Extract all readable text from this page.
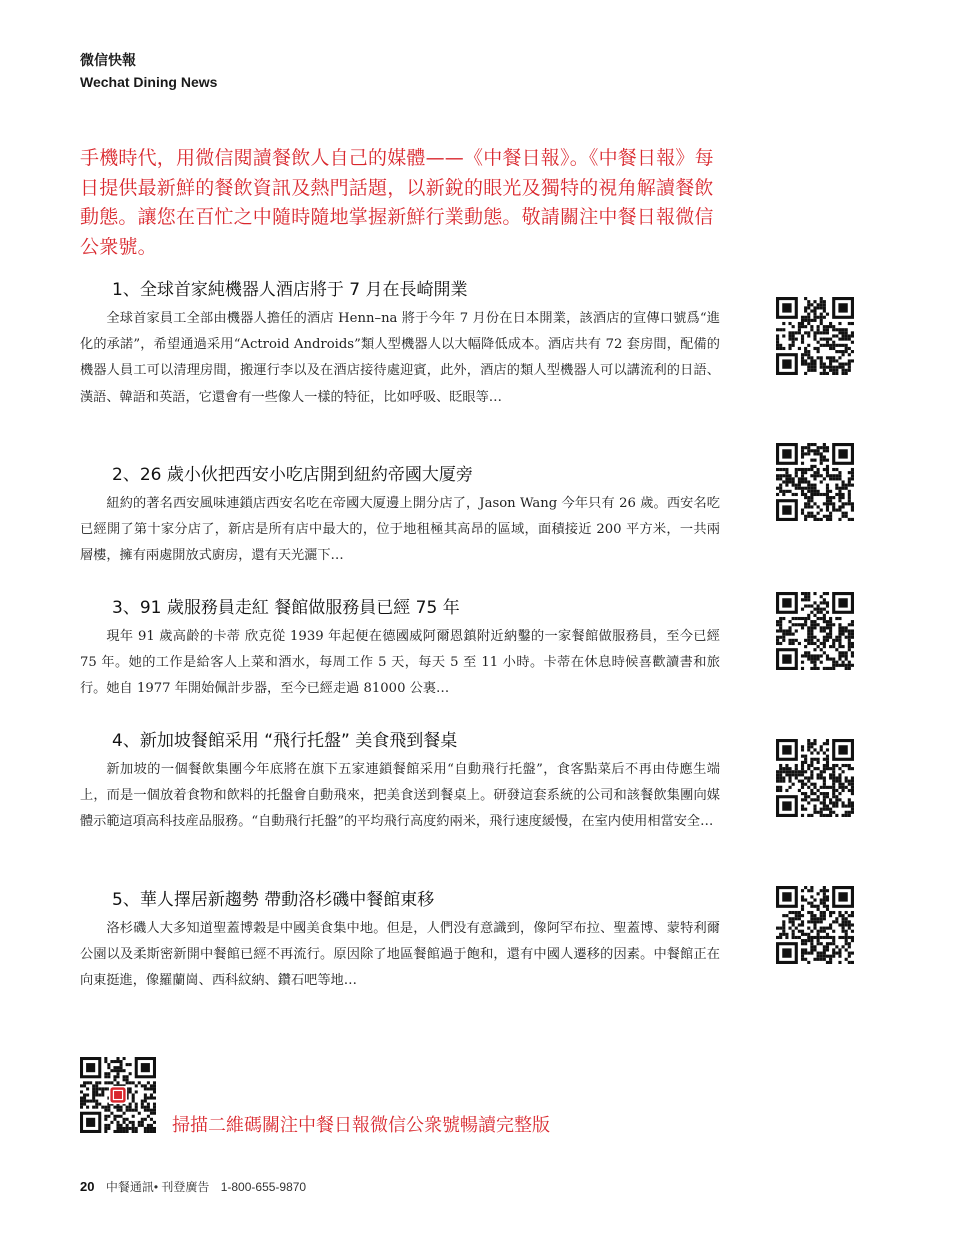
微信快報
Wechat Dining News
手機時代，用微信閱讀餐飲人自己的媒體——《中餐日報》。《中餐日報》每日提供最新鮮的餐飲資訊及熱門話題，以新銳的眼光及獨特的視角解讀餐飲動態。讓您在百忙之中隨時隨地掌握新鮮行業動態。敬請關注中餐日報微信公衆號。
1、全球首家純機器人酒店將于 7 月在長崎開業

全球首家員工全部由機器人擔任的酒店 Henn–na 將于今年 7 月份在日本開業，該酒店的宣傳口號爲“進化的承諾”，希望通過采用“Actroid Androids”類人型機器人以大幅降低成本。酒店共有 72 套房間，配備的機器人員工可以清理房間，搬運行李以及在酒店接待處迎賓，此外，酒店的類人型機器人可以講流利的日語、漢語、韓語和英語，它還會有一些像人一樣的特征，比如呼吸、眨眼等…

2、26 歲小伙把西安小吃店開到紐約帝國大厦旁

紐約的著名西安風味連鎖店西安名吃在帝國大厦邊上開分店了，Jason Wang 今年只有 26 歲。西安名吃已經開了第十家分店了，新店是所有店中最大的，位于地租極其高昂的區域，面積接近 200 平方米，一共兩層樓，擁有兩處開放式廚房，還有天光灑下…

3、91 歲服務員走紅 餐館做服務員已經 75 年

現年 91 歲高齡的卡蒂 欣克從 1939 年起便在德國威阿爾恩鎮附近納鑿的一家餐館做服務員，至今已經 75 年。她的工作是給客人上菜和酒水，每周工作 5 天，每天 5 至 11 小時。卡蒂在休息時候喜歡讀書和旅行。她自 1977 年開始佩計步器，至今已經走過 81000 公裏…

4、新加坡餐館采用 “飛行托盤” 美食飛到餐桌

新加坡的一個餐飲集團今年底將在旗下五家連鎖餐館采用“自動飛行托盤”，食客點菜后不再由侍應生端上，而是一個放着食物和飲料的托盤會自動飛來，把美食送到餐桌上。研發這套系統的公司和該餐飲集團向媒體示範這項高科技産品服務。“自動飛行托盤”的平均飛行高度約兩米，飛行速度緩慢，在室内使用相當安全…

5、華人擇居新趨勢 帶動洛杉磯中餐館東移

洛杉磯人大多知道聖蓋博穀是中國美食集中地。但是，人們没有意識到，像阿罕布拉、聖蓋博、蒙特利爾公園以及柔斯密新開中餐館已經不再流行。原因除了地區餐館過于飽和，還有中國人遷移的因素。中餐館正在向東挺進，像羅蘭崗、西科紋納、鑽石吧等地…

掃描二維碼關注中餐日報微信公衆號暢讀完整版
20 中餐通訊• 刊登廣告 1-800-655-9870
